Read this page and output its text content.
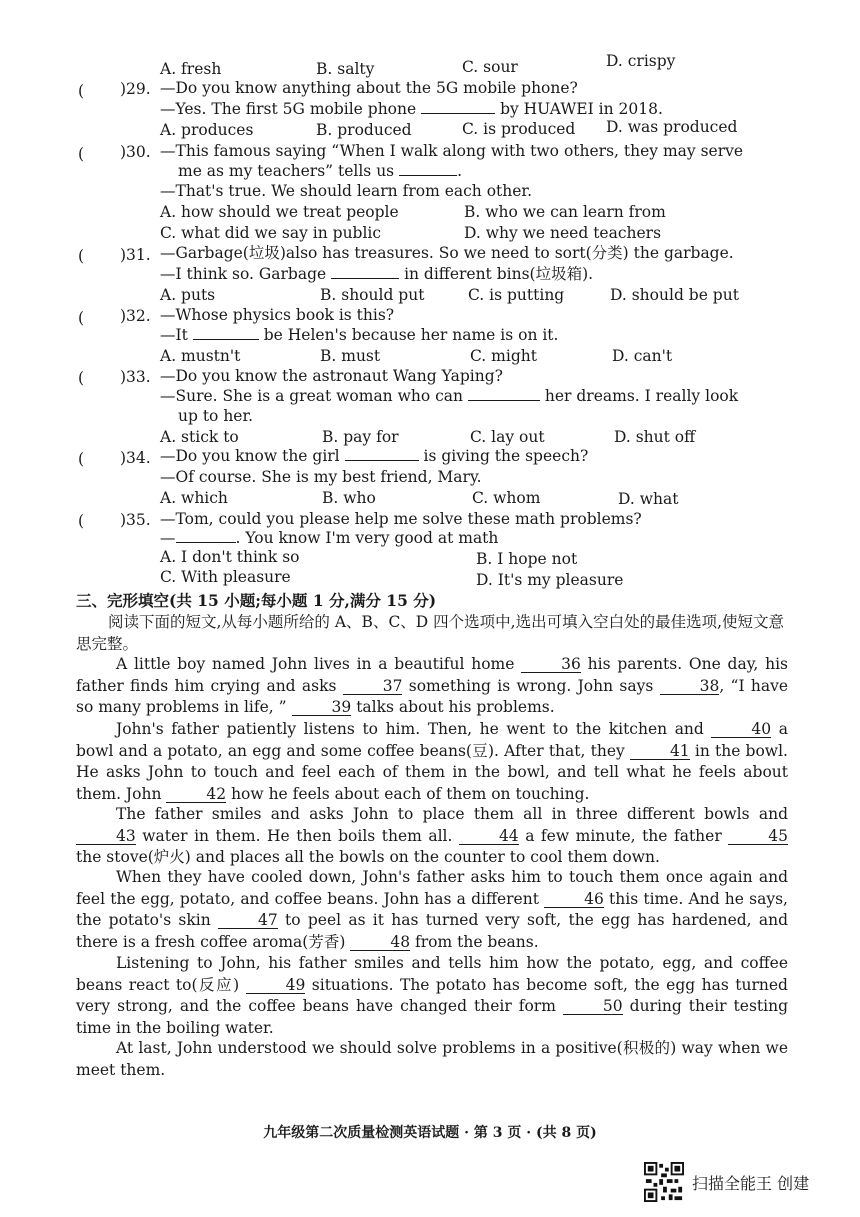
A. fresh	B. salty	C. sour	D. crispy
( )29. —Do you know anything about the 5G mobile phone?
—Yes. The first 5G mobile phone	by HUAWEI in 2018.
A. produces	B. produced	C. is produced D. was produced
( )30. —This famous saying “When I walk along with two others, they may serve
me as my teachers” tells us	.
—That's true. We should learn from each other.
A. how should we treat people	B. who we can learn from
C. what did we say in public	D. why we need teachers
( )31. —Garbage(垃圾)also has treasures. So we need to sort(分类) the garbage.
—I think so. Garbage	in different bins(垃圾箱).
A. puts	B. should put	C. is putting	D. should be put
( )32. —Whose physics book is this?
—It	be Helen's because her name is on it.
A. mustn't	B. must	C. might	D. can't
( )33. —Do you know the astronaut Wang Yaping?
—Sure. She is a great woman who can	her dreams. I really look
up to her.
A. stick to	B. pay for	C. lay out	D. shut off
( )34. —Do you know the girl	is giving the speech?
—Of course. She is my best friend, Mary.
A. which	B. who	C. whom	D. what
( )35. —Tom, could you please help me solve these math problems?
—	. You know I'm very good at math
A. I don't think so	B. I hope not
C. With pleasure	D. It's my pleasure
三、完形填空(共 15 小题;每小题 1 分,满分 15 分)
阅读下面的短文,从每小题所给的 A、B、C、D 四个选项中,选出可填入空白处的最佳选项,使短文意思完整。
A little boy named John lives in a beautiful home	36 his parents. One day, his father finds him crying and asks	37 something is wrong. John says	38, “I have so many problems in life, ”	39 talks about his problems.
John's father patiently listens to him. Then, he went to the kitchen and	40 a bowl and a potato, an egg and some coffee beans(豆). After that, they	41 in the bowl. He asks John to touch and feel each of them in the bowl, and tell what he feels about them. John	42 how he feels about each of them on touching.
The father smiles and asks John to place them all in three different bowls and 43 water in them. He then boils them all.	44 a few minute, the father	45 the stove(炉火) and places all the bowls on the counter to cool them down.
When they have cooled down, John's father asks him to touch them once again and feel the egg, potato, and coffee beans. John has a different	46 this time. And he says, the potato's skin	47 to peel as it has turned very soft, the egg has hardened, and there is a fresh coffee aroma(芳香)	48 from the beans.
Listening to John, his father smiles and tells him how the potato, egg, and coffee beans react to(反应)	49 situations. The potato has become soft, the egg has turned very strong, and the coffee beans have changed their form	50 during their testing time in the boiling water.
At last, John understood we should solve problems in a positive(积极的) way when we meet them.
九年级第二次质量检测英语试题 · 第 3 页 · (共 8 页)
扫描全能王 创建
